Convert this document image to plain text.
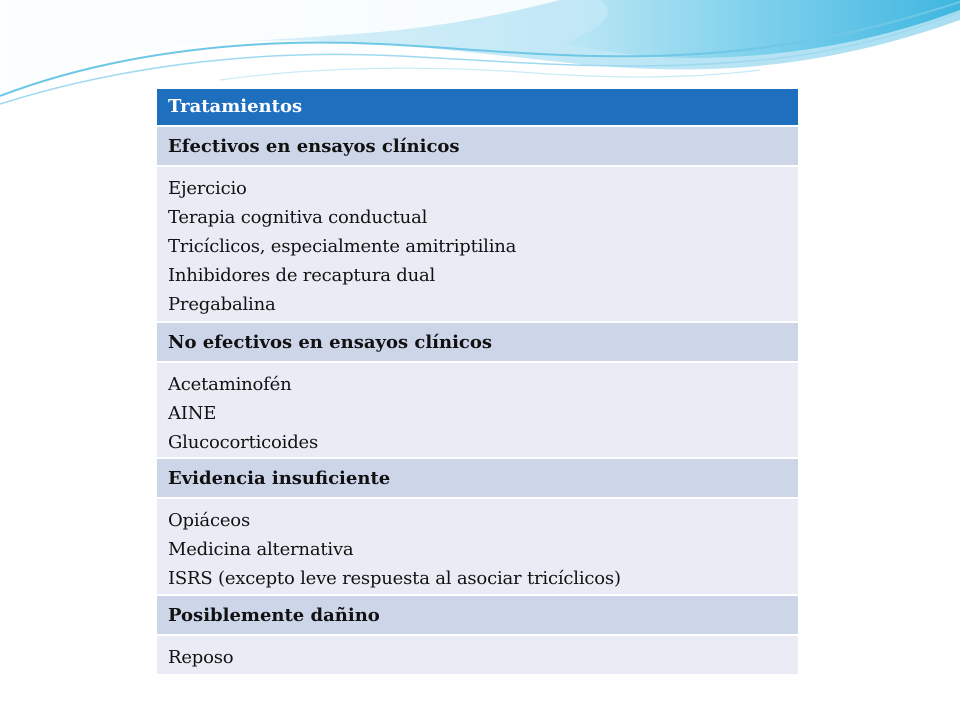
Tratamientos
Efectivos en ensayos clínicos
Ejercicio
Terapia cognitiva conductual
Tricíclicos, especialmente amitriptilina
Inhibidores de recaptura dual
Pregabalina
No efectivos en ensayos clínicos
Acetaminofén
AINE
Glucocorticoides
Evidencia insuficiente
Opiáceos
Medicina alternativa
ISRS (excepto leve respuesta al asociar tricíclicos)
Posiblemente dañino
Reposo
